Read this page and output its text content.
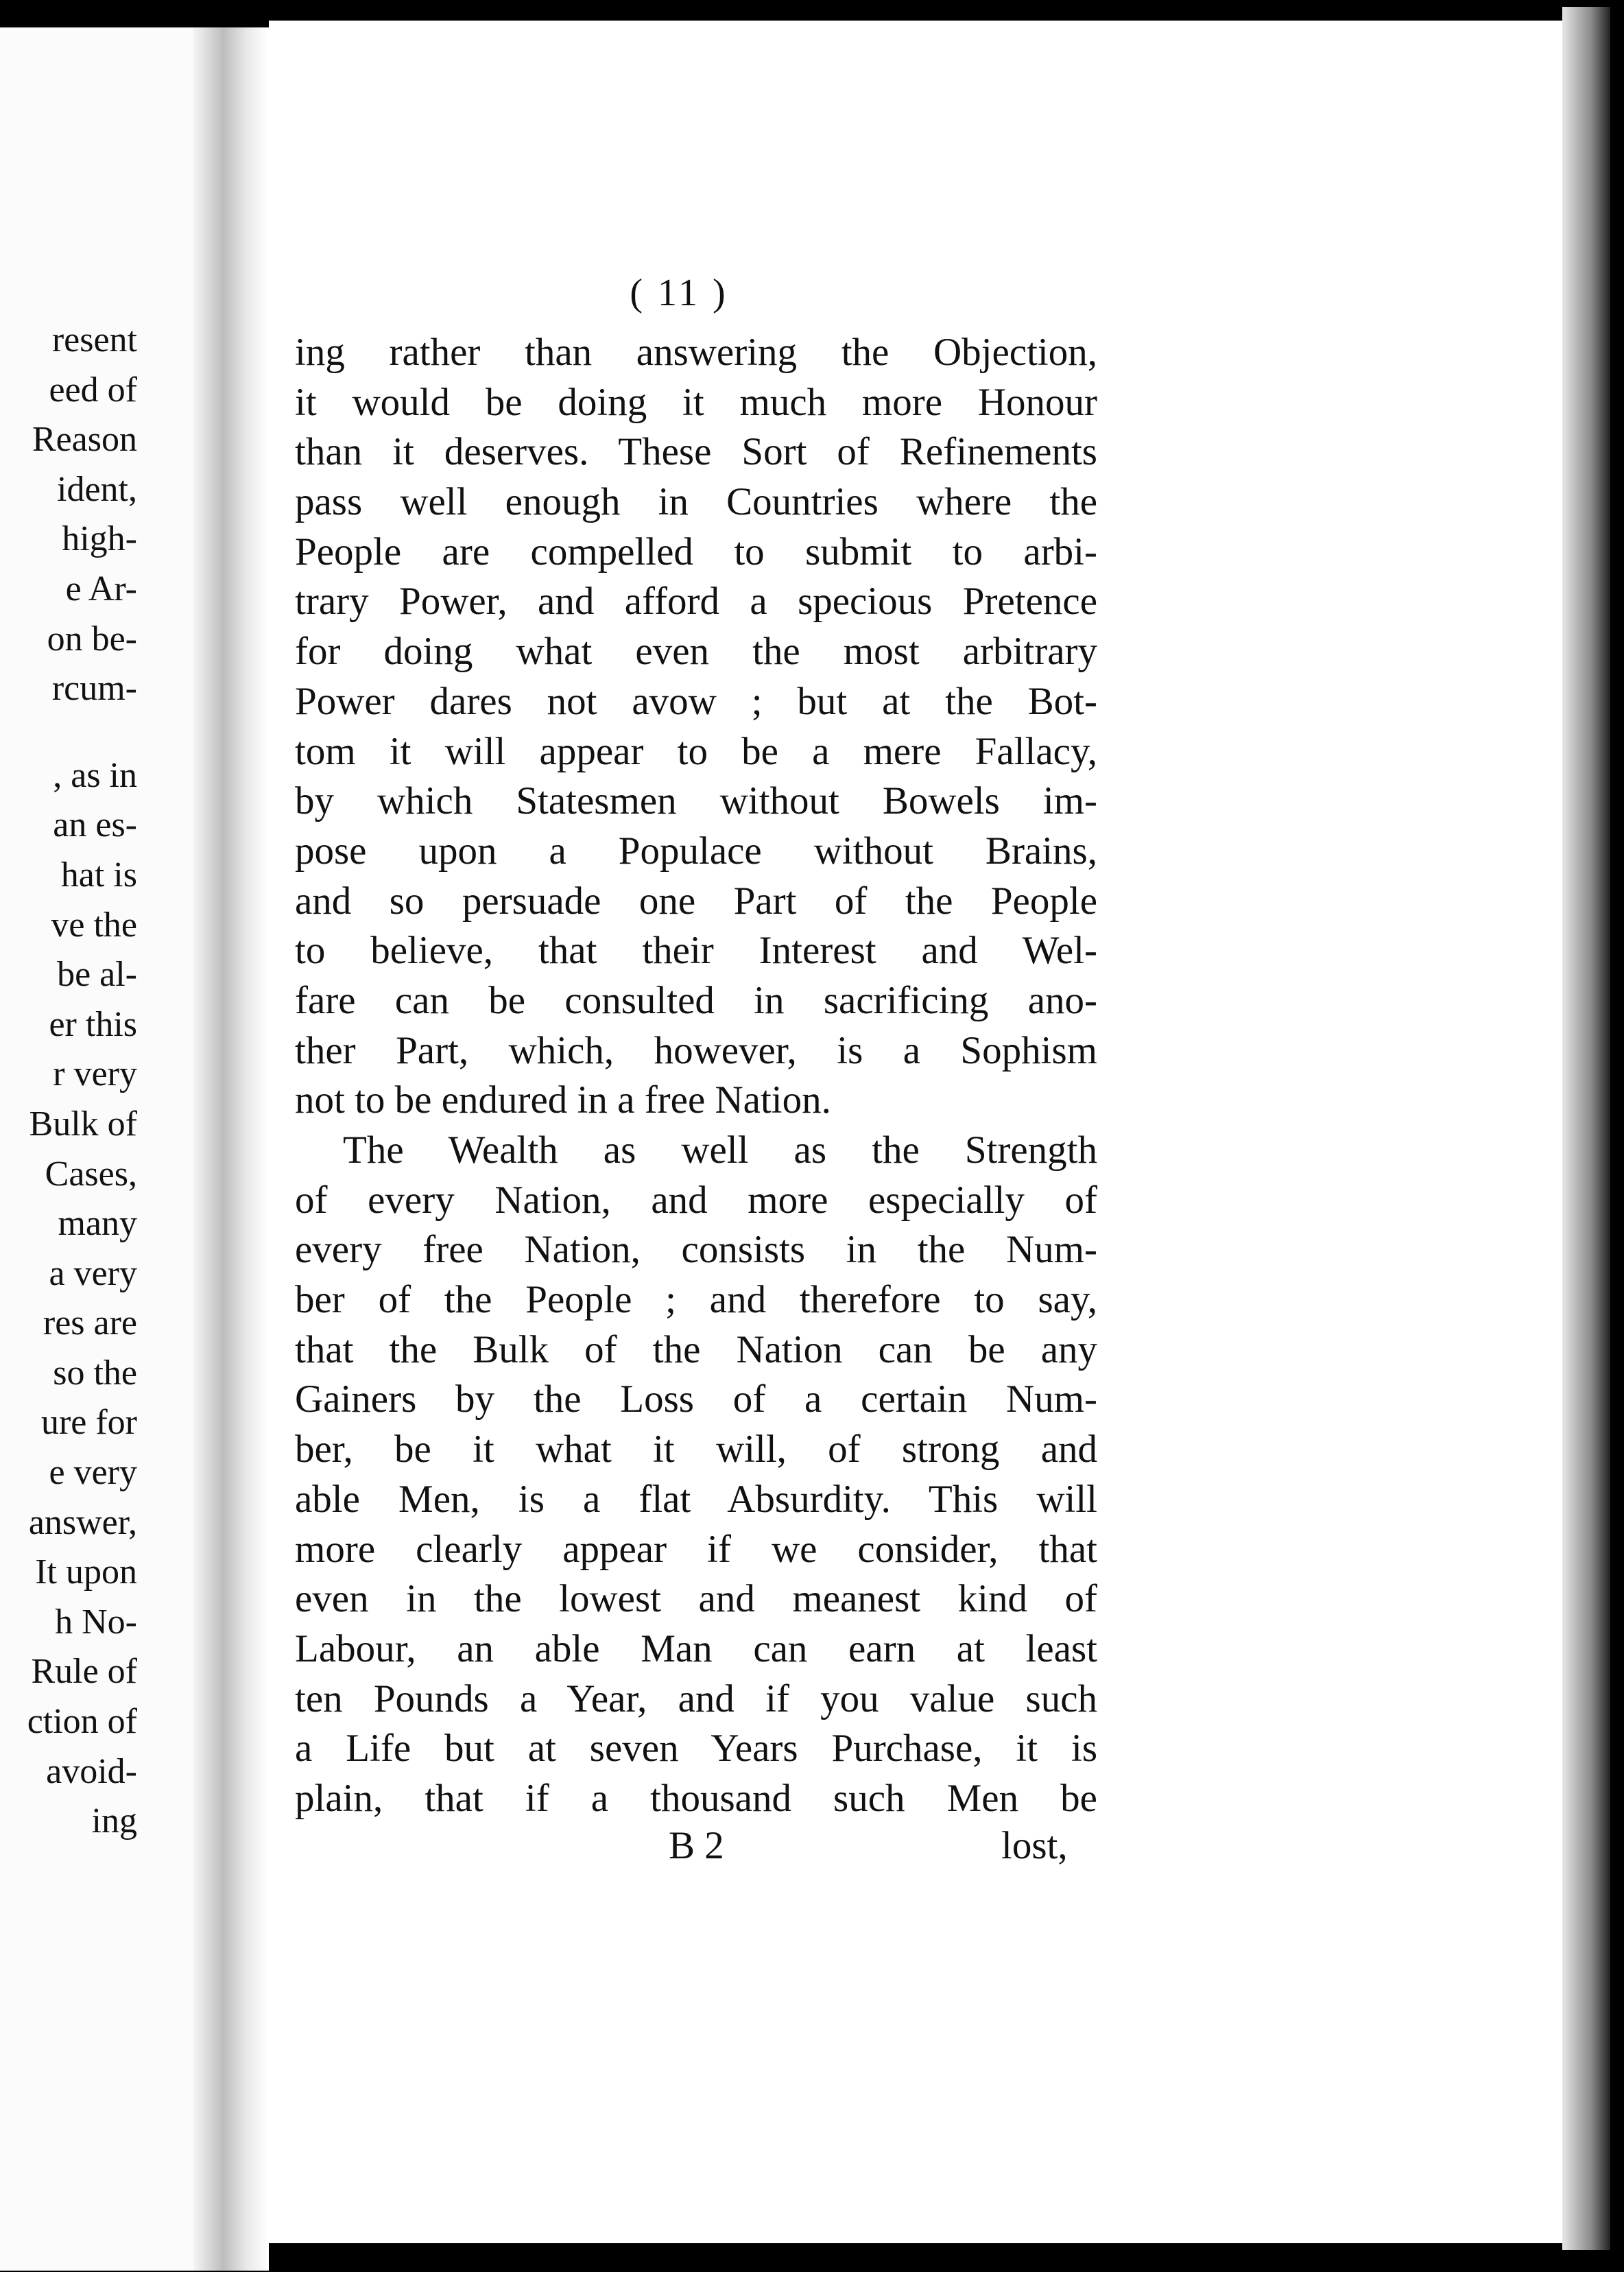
resent
eed of
Reason
ident,
high-
e Ar-
on be-
rcum-
, as in
an es-
hat is
ve the
be al-
er this
r very
Bulk of
Cases,
many
a very
res are
so the
ure for
e very
answer,
It upon
h No-
Rule of
ction of
avoid-
ing
( 11 )
ing rather than answering the Objection,
it would be doing it much more Honour
than it deserves. These Sort of Refinements
pass well enough in Countries where the
People are compelled to submit to arbi-
trary Power, and afford a specious Pretence
for doing what even the most arbitrary
Power dares not avow ; but at the Bot-
tom it will appear to be a mere Fallacy,
by which Statesmen without Bowels im-
pose upon a Populace without Brains,
and so persuade one Part of the People
to believe, that their Interest and Wel-
fare can be consulted in sacrificing ano-
ther Part, which, however, is a Sophism
not to be endured in a free Nation.
The Wealth as well as the Strength
of every Nation, and more especially of
every free Nation, consists in the Num-
ber of the People ; and therefore to say,
that the Bulk of the Nation can be any
Gainers by the Loss of a certain Num-
ber, be it what it will, of strong and
able Men, is a flat Absurdity. This will
more clearly appear if we consider, that
even in the lowest and meanest kind of
Labour, an able Man can earn at least
ten Pounds a Year, and if you value such
a Life but at seven Years Purchase, it is
plain, that if a thousand such Men be
B 2	lost,
